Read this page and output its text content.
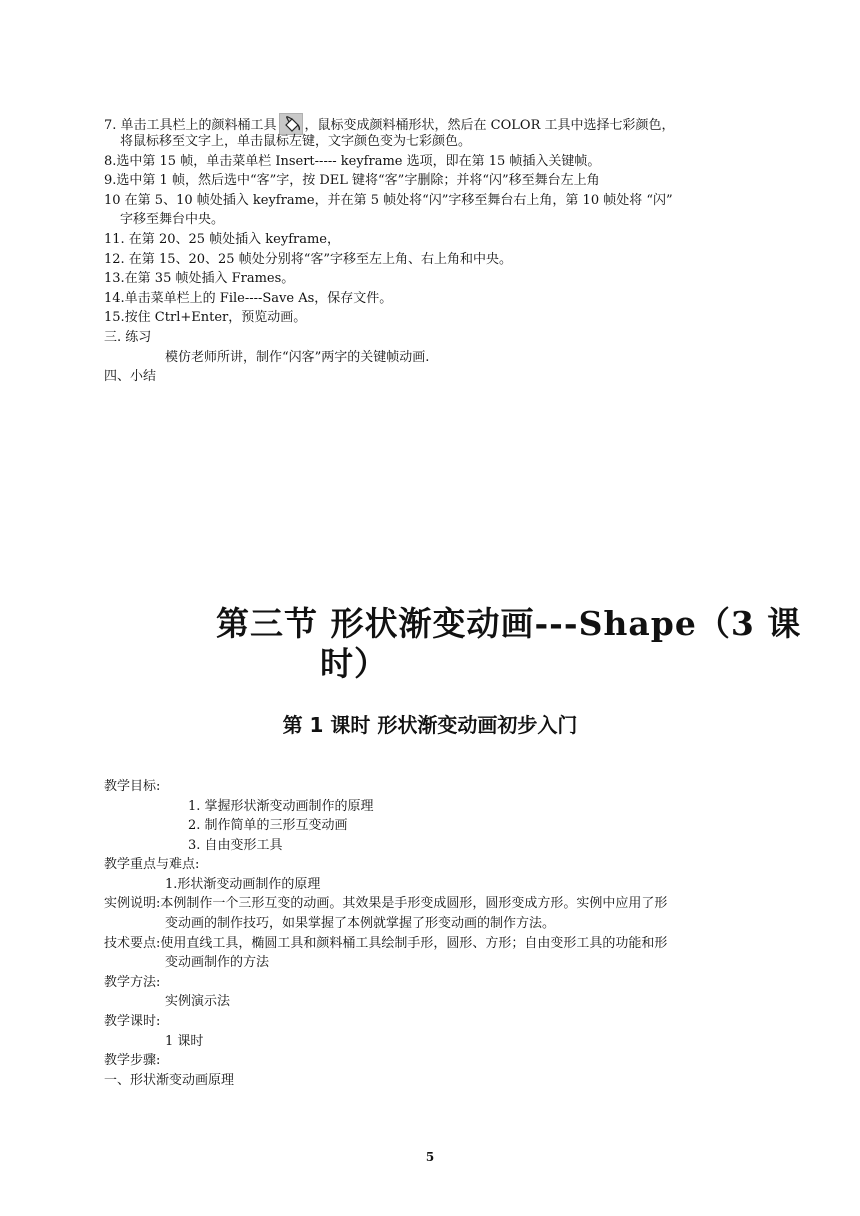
7. 单击工具栏上的颜料桶工具 ，鼠标变成颜料桶形状，然后在 COLOR 工具中选择七彩颜色，
将鼠标移至文字上，单击鼠标左键，文字颜色变为七彩颜色。
8.选中第 15 帧，单击菜单栏 Insert----- keyframe 选项，即在第 15 帧插入关键帧。
9.选中第 1 帧，然后选中“客”字，按 DEL 键将“客”字删除；并将“闪”移至舞台左上角
10 在第 5、10 帧处插入 keyframe，并在第 5 帧处将“闪”字移至舞台右上角，第 10 帧处将 “闪”
字移至舞台中央。
11. 在第 20、25 帧处插入 keyframe，
12. 在第 15、20、25 帧处分别将“客”字移至左上角、右上角和中央。
13.在第 35 帧处插入 Frames。
14.单击菜单栏上的 File----Save As，保存文件。
15.按住 Ctrl+Enter，预览动画。
三. 练习
模仿老师所讲，制作“闪客”两字的关键帧动画.
四、小结
第三节 形状渐变动画---Shape（3 课
时）
第 1 课时 形状渐变动画初步入门
教学目标:
1. 掌握形状渐变动画制作的原理
2. 制作简单的三形互变动画
3. 自由变形工具
教学重点与难点:
1.形状渐变动画制作的原理
实例说明:本例制作一个三形互变的动画。其效果是手形变成圆形，圆形变成方形。实例中应用了形
变动画的制作技巧，如果掌握了本例就掌握了形变动画的制作方法。
技术要点:使用直线工具，椭圆工具和颜料桶工具绘制手形，圆形、方形；自由变形工具的功能和形
变动画制作的方法
教学方法:
实例演示法
教学课时:
1 课时
教学步骤:
一、形状渐变动画原理
5
